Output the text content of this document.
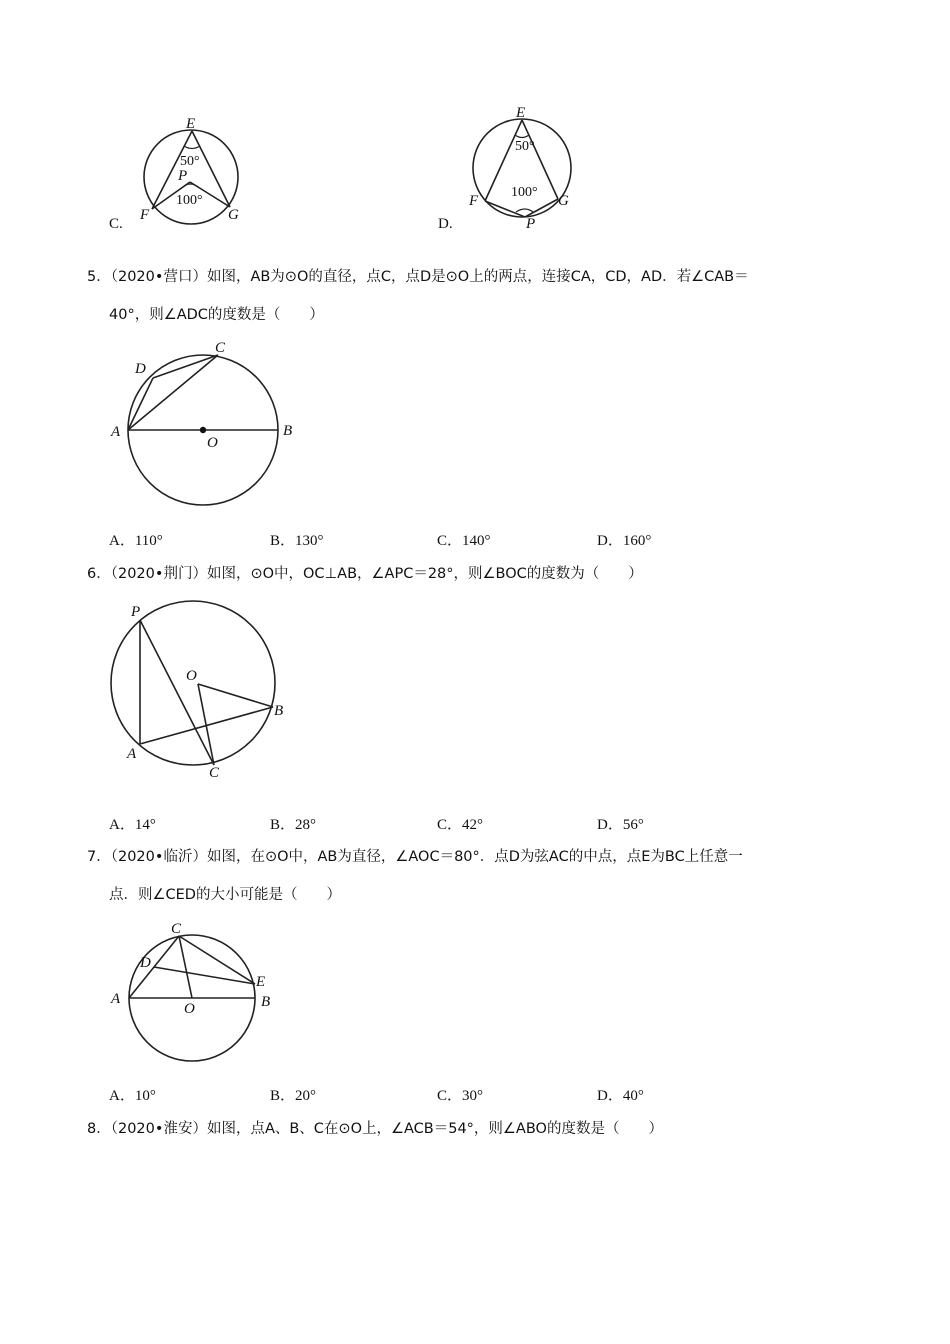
E
50°
P
100°
F	G
C.
E
50°
100°
F	G
P
D.
5．（2020•营口）如图，AB为⊙O的直径，点C，点D是⊙O上的两点，连接CA，CD，AD．若∠CAB＝
40°，则∠ADC的度数是（　　）
D
C
A
O
B
A．110°	B．130°	C．140°	D．160°
6．（2020•荆门）如图，⊙O中，OC⊥AB，∠APC＝28°，则∠BOC的度数为（　　）
P
O
B
A
C
A．14°	B．28°	C．42°	D．56°
7．（2020•临沂）如图，在⊙O中，AB为直径，∠AOC＝80°．点D为弦AC的中点，点E为BC上任意一
点．则∠CED的大小可能是（　　）
C
D
E
A
O	B
A．10°	B．20°	C．30°	D．40°
8．（2020•淮安）如图，点A、B、C在⊙O上，∠ACB＝54°，则∠ABO的度数是（　　）
